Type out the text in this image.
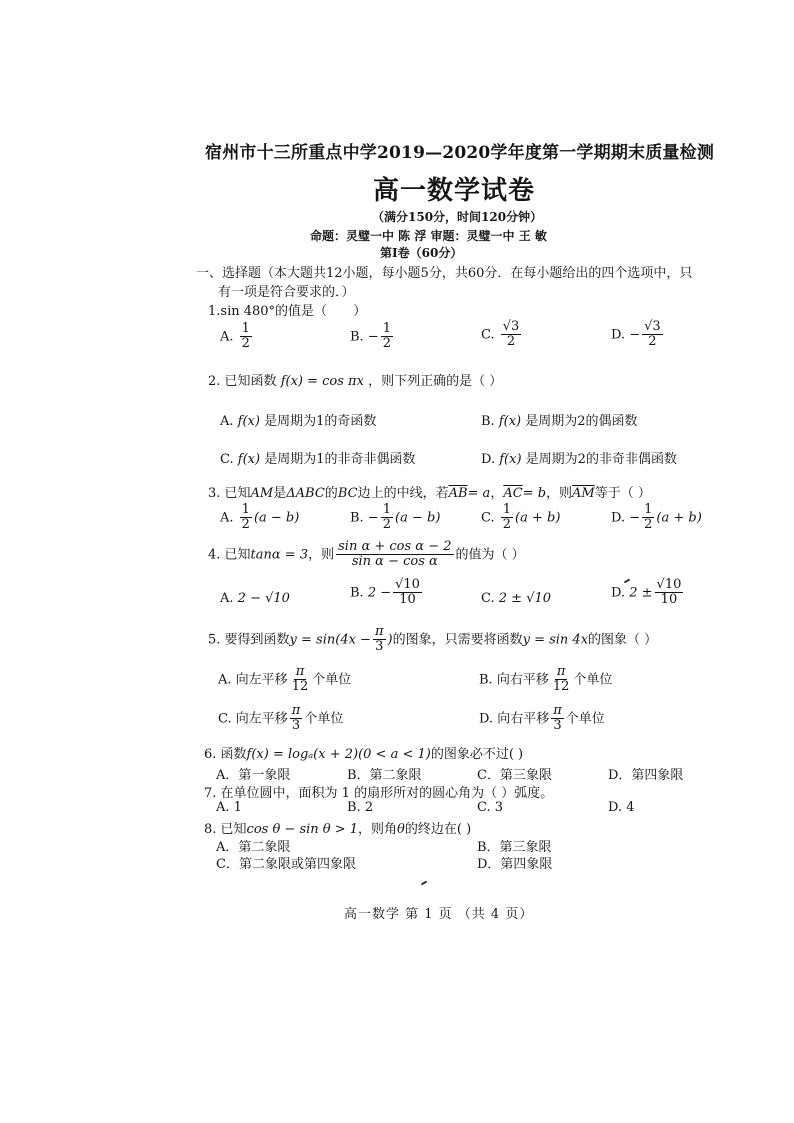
宿州市十三所重点中学2019—2020学年度第一学期期末质量检测
高一数学试卷
（满分150分，时间120分钟）
命题：灵璧一中 陈 浮 审题：灵璧一中 王 敏
第Ⅰ卷（60分）
一、选择题（本大题共12小题，每小题5分，共60分．在每小题给出的四个选项中，只
有一项是符合要求的．）
1.sin 480°的值是（ ）
A. $\frac{1}{2}$	B. − $\frac{1}{2}$	C. $\frac{√3}{2}$	D. − $\frac{√3}{2}$
2. 已知函数 f(x) = cos πx ，则下列正确的是（ ）
A. f(x) 是周期为1的奇函数	B. f(x) 是周期为2的偶函数
C. f(x) 是周期为1的非奇非偶函数	D. f(x) 是周期为2的非奇非偶函数
3. 已知AM是ΔABC的BC边上的中线，若$\overline{AB}= a$，$\overline{AC}= b$，则$\overline{AM}$等于（ ）
A. $\frac{1}{2} (a - b)$	B. − $\frac{1}{2} (a - b)$	C. $\frac{1}{2} (a + b)$	D. − $\frac{1}{2} (a + b)$
4. 已知tanα = 3，则 $\frac{\text{sin α + cos α − 2}}{\text{sin α − cos α}}$ 的值为（ ）
A. 2 − √10	B. $2 - \frac{√10}{10}$	C. 2 ± √10	D. $2 \pm \frac{√10}{10}$
5. 要得到函数$y = \sin(4x - \frac{\pi}{3}$ )的图象，只需要将函数y = sin 4x的图象（ ）
A. 向左平移 $\frac{\pi}{12}$ 个单位	B. 向右平移 $\frac{\pi}{12}$ 个单位
C. 向左平移 $\frac{\pi}{3}$ 个单位	D. 向右平移 $\frac{\pi}{3}$ 个单位
6. 函数f(x) = logₐ(x + 2)(0 < a < 1)的图象必不过( )
A．第一象限	B．第二象限	C．第三象限	D．第四象限
7. 在单位圆中，面积为 1 的扇形所对的圆心角为（ ）弧度。
A. 1	B. 2	C. 3	D. 4
8. 已知cos θ − sin θ > 1，则角θ的终边在( )
A．第二象限	B．第三象限
C．第二象限或第四象限	D．第四象限
高一数学 第 1 页 （共 4 页）
